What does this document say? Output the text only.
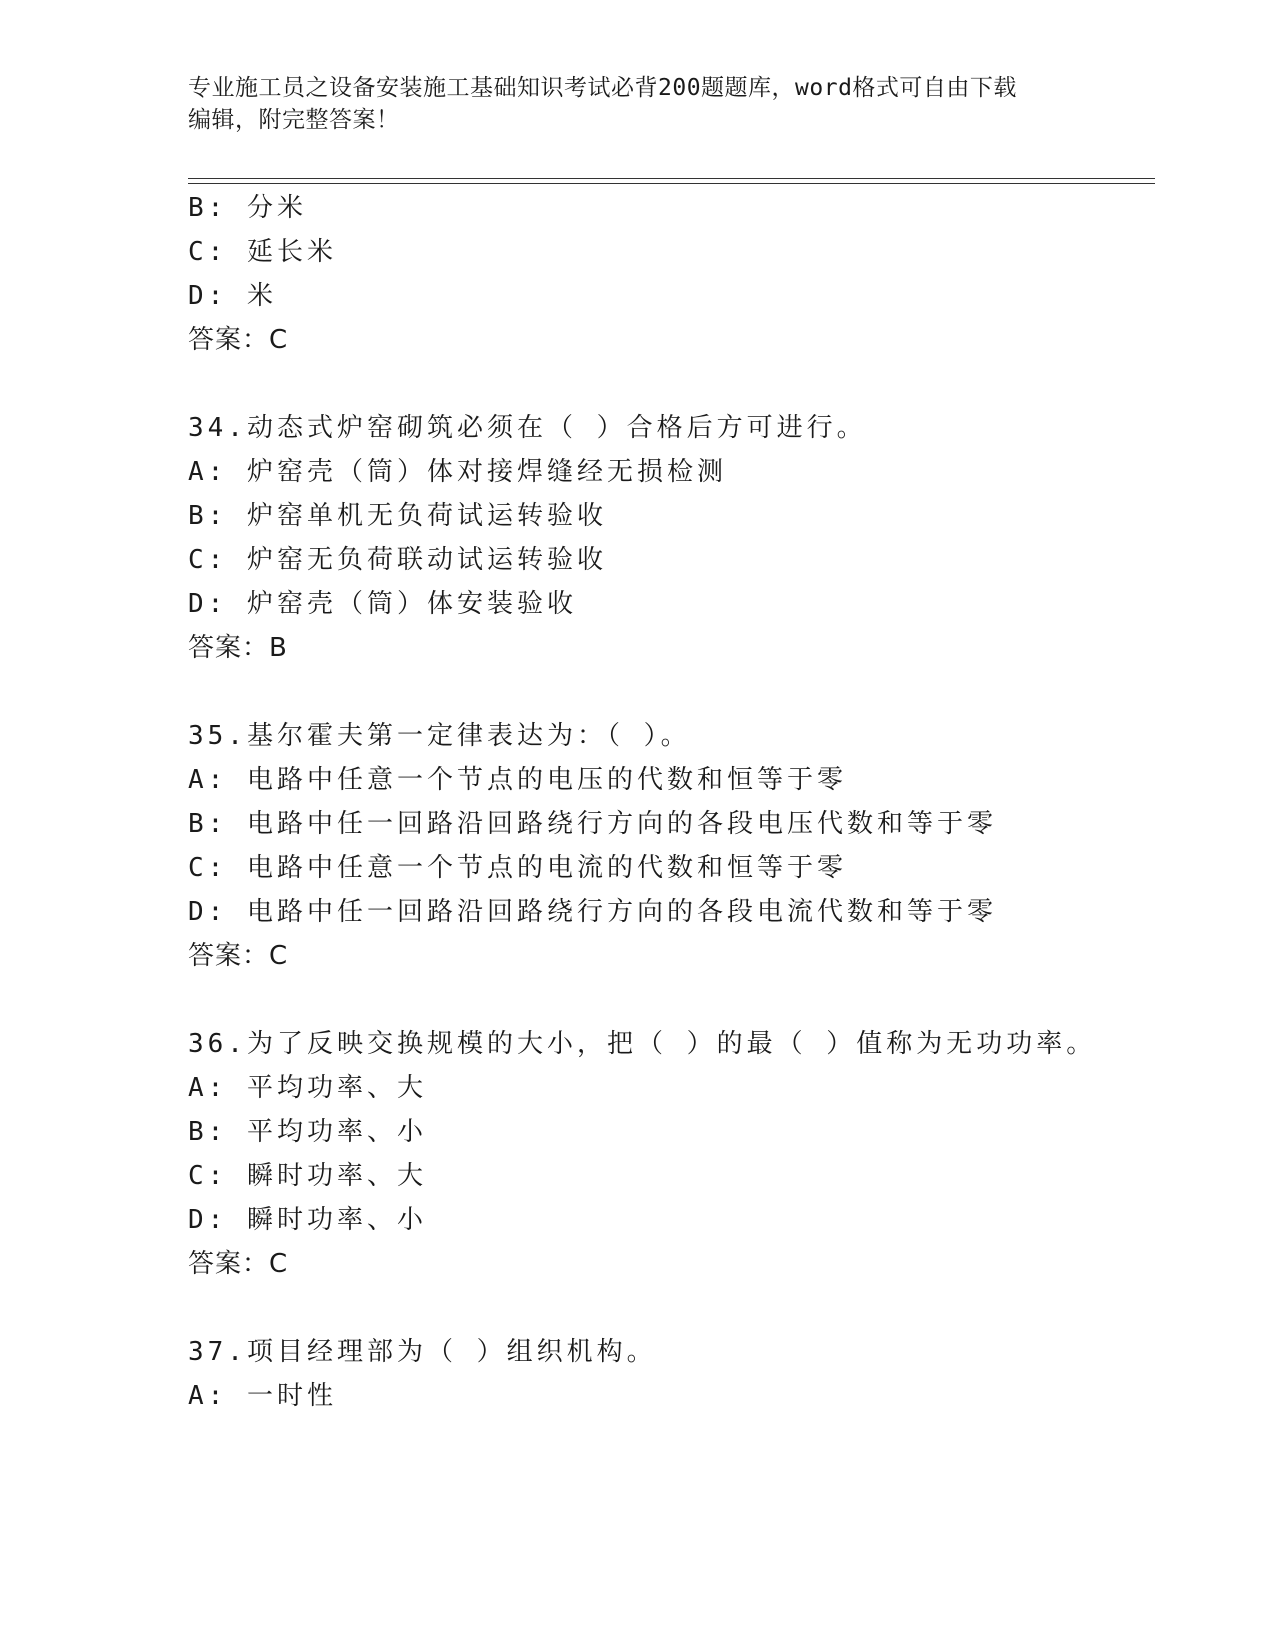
专业施工员之设备安装施工基础知识考试必背200题题库，word格式可自由下载
编辑，附完整答案！
B: 分米
C: 延长米
D: 米
答案：C
34.动态式炉窑砌筑必须在（ ）合格后方可进行。
A: 炉窑壳（筒）体对接焊缝经无损检测
B: 炉窑单机无负荷试运转验收
C: 炉窑无负荷联动试运转验收
D: 炉窑壳（筒）体安装验收
答案：B
35.基尔霍夫第一定律表达为：（ ）。
A: 电路中任意一个节点的电压的代数和恒等于零
B: 电路中任一回路沿回路绕行方向的各段电压代数和等于零
C: 电路中任意一个节点的电流的代数和恒等于零
D: 电路中任一回路沿回路绕行方向的各段电流代数和等于零
答案：C
36.为了反映交换规模的大小，把（ ）的最（ ）值称为无功功率。
A: 平均功率、大
B: 平均功率、小
C: 瞬时功率、大
D: 瞬时功率、小
答案：C
37.项目经理部为（ ）组织机构。
A: 一时性
